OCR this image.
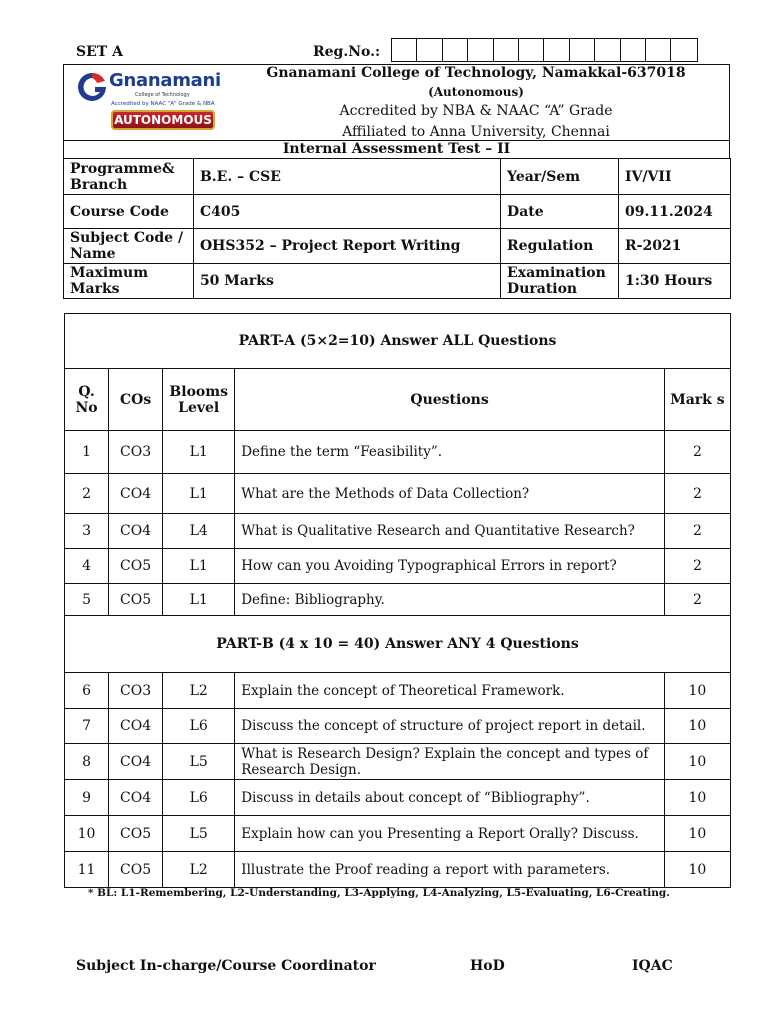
SET A	Reg.No.:
Gnanamani
College of Technology
Accredited by NAAC "A" Grade & NBA
AUTONOMOUS
Gnanamani College of Technology, Namakkal-637018
(Autonomous)
Accredited by NBA & NAAC “A” Grade
Affiliated to Anna University, Chennai
Internal Assessment Test – II
Programme& Branch	B.E. – CSE	Year/Sem	IV/VII
Course Code	C405	Date	09.11.2024
Subject Code / Name	OHS352 – Project Report Writing	Regulation	R-2021
Maximum Marks	50 Marks	Examination Duration	1:30 Hours
PART-A (5×2=10) Answer ALL Questions				
Q. No	COs	Blooms Level	Questions	Mark s
1	CO3	L1	Define the term “Feasibility”.	2
2	CO4	L1	What are the Methods of Data Collection?	2
3	CO4	L4	What is Qualitative Research and Quantitative Research?	2
4	CO5	L1	How can you Avoiding Typographical Errors in report?	2
5	CO5	L1	Define: Bibliography.	2
PART-B (4 x 10 = 40) Answer ANY 4 Questions				
6	CO3	L2	Explain the concept of Theoretical Framework.	10
7	CO4	L6	Discuss the concept of structure of project report in detail.	10
8	CO4	L5	What is Research Design? Explain the concept and types of Research Design.	10
9	CO4	L6	Discuss in details about concept of “Bibliography”.	10
10	CO5	L5	Explain how can you Presenting a Report Orally? Discuss.	10
11	CO5	L2	Illustrate the Proof reading a report with parameters.	10
* BL: L1-Remembering, L2-Understanding, L3-Applying, L4-Analyzing, L5-Evaluating, L6-Creating.
Subject In-charge/Course Coordinator	HoD	IQAC
